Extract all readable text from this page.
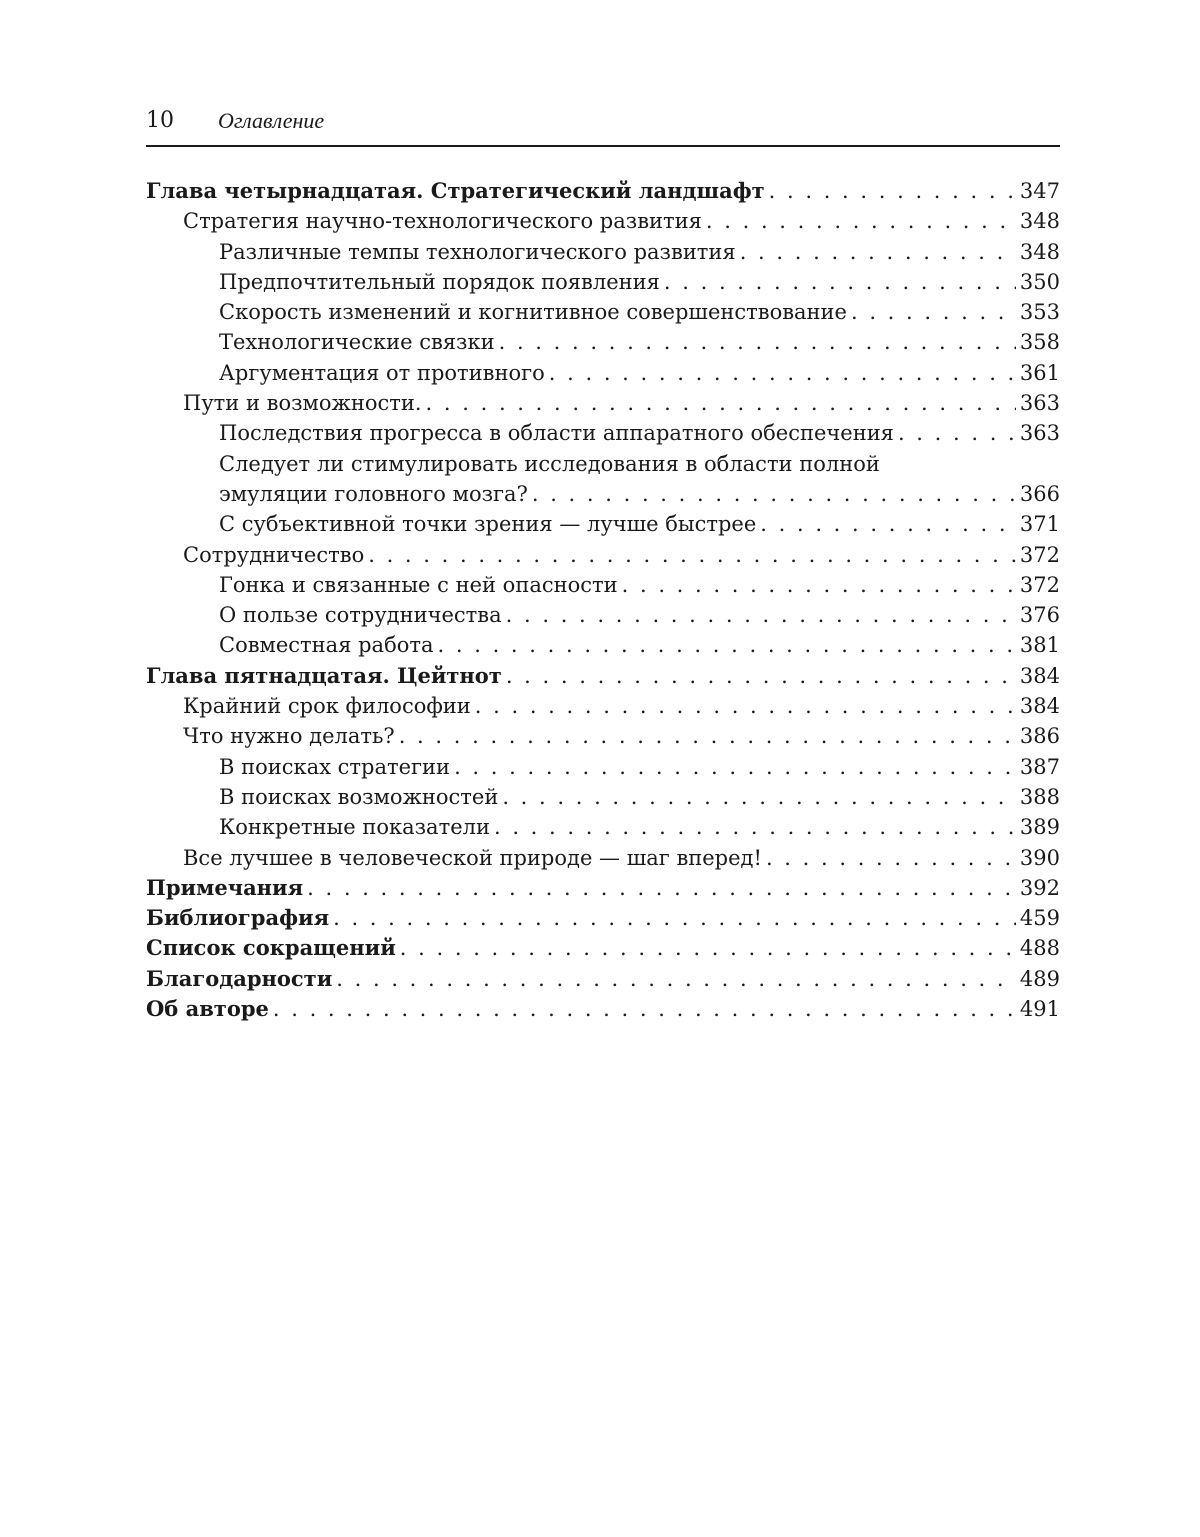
10 Оглавление
Глава четырнадцатая. Стратегический ландшафт . . .	347
Стратегия научно-технологического развития . . .	348
Различные темпы технологического развития . . .	348
Предпочтительный порядок появления . . .	350
Скорость изменений и когнитивное совершенствование . . .	353
Технологические связки . . .	358
Аргументация от противного . . .	361
Пути и возможности. . . .	363
Последствия прогресса в области аппаратного обеспечения . . .	363
Следует ли стимулировать исследования в области полной
эмуляции головного мозга? . . .	366
С субъективной точки зрения — лучше быстрее . . .	371
Сотрудничество . . .	372
Гонка и связанные с ней опасности . . .	372
О пользе сотрудничества . . .	376
Совместная работа . . .	381
Глава пятнадцатая. Цейтнот . . .	384
Крайний срок философии . . .	384
Что нужно делать? . . .	386
В поисках стратегии . . .	387
В поисках возможностей . . .	388
Конкретные показатели . . .	389
Все лучшее в человеческой природе — шаг вперед! . . .	390
Примечания . . .	392
Библиография . . .	459
Список сокращений . . .	488
Благодарности . . .	489
Об авторе . . .	491
